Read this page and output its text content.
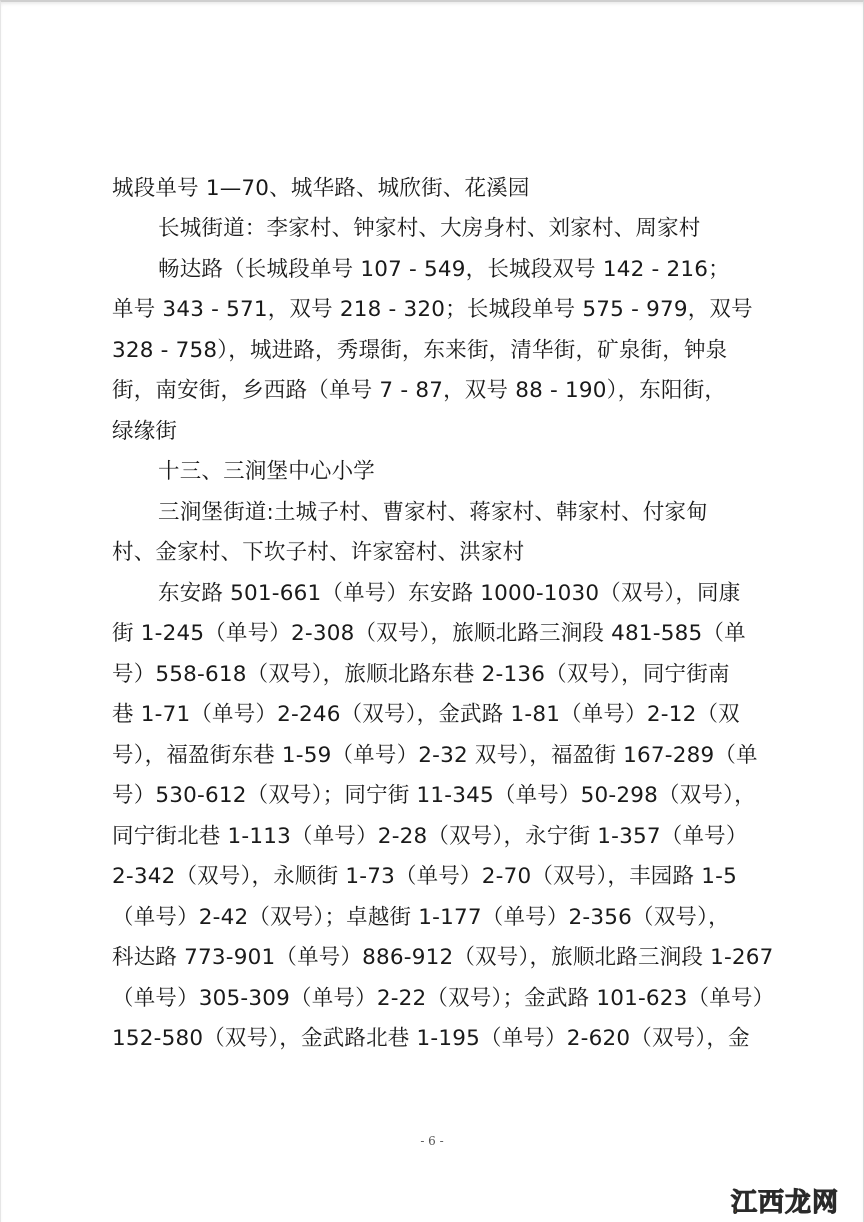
城段单号 1—70、城华路、城欣街、花溪园
长城街道：李家村、钟家村、大房身村、刘家村、周家村
畅达路（长城段单号 107 - 549，长城段双号 142 - 216；
单号 343 - 571，双号 218 - 320；长城段单号 575 - 979，双号
328 - 758），城进路，秀璟街，东来街，清华街，矿泉街，钟泉
街，南安街，乡西路（单号 7 - 87，双号 88 - 190），东阳街，
绿缘街
十三、三涧堡中心小学
三涧堡街道:土城子村、曹家村、蒋家村、韩家村、付家甸
村、金家村、下坎子村、许家窑村、洪家村
东安路 501-661（单号）东安路 1000-1030（双号），同康
街 1-245（单号）2-308（双号），旅顺北路三涧段 481-585（单
号）558-618（双号），旅顺北路东巷 2-136（双号），同宁街南
巷 1-71（单号）2-246（双号），金武路 1-81（单号）2-12（双
号），福盈街东巷 1-59（单号）2-32 双号），福盈街 167-289（单
号）530-612（双号）；同宁街 11-345（单号）50-298（双号），
同宁街北巷 1-113（单号）2-28（双号），永宁街 1-357（单号）
2-342（双号），永顺街 1-73（单号）2-70（双号），丰园路 1-5
（单号）2-42（双号）；卓越街 1-177（单号）2-356（双号），
科达路 773-901（单号）886-912（双号），旅顺北路三涧段 1-267
（单号）305-309（单号）2-22（双号）；金武路 101-623（单号）
152-580（双号），金武路北巷 1-195（单号）2-620（双号），金
- 6 -
江西龙网
